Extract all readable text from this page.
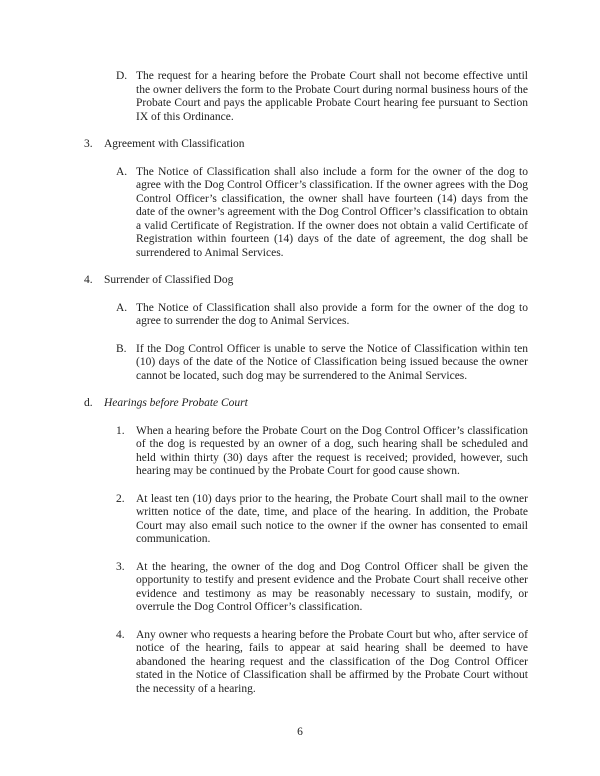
D. The request for a hearing before the Probate Court shall not become effective until the owner delivers the form to the Probate Court during normal business hours of the Probate Court and pays the applicable Probate Court hearing fee pursuant to Section IX of this Ordinance.
3. Agreement with Classification
A. The Notice of Classification shall also include a form for the owner of the dog to agree with the Dog Control Officer’s classification. If the owner agrees with the Dog Control Officer’s classification, the owner shall have fourteen (14) days from the date of the owner’s agreement with the Dog Control Officer’s classification to obtain a valid Certificate of Registration. If the owner does not obtain a valid Certificate of Registration within fourteen (14) days of the date of agreement, the dog shall be surrendered to Animal Services.
4. Surrender of Classified Dog
A. The Notice of Classification shall also provide a form for the owner of the dog to agree to surrender the dog to Animal Services.
B. If the Dog Control Officer is unable to serve the Notice of Classification within ten (10) days of the date of the Notice of Classification being issued because the owner cannot be located, such dog may be surrendered to the Animal Services.
d. Hearings before Probate Court
1. When a hearing before the Probate Court on the Dog Control Officer’s classification of the dog is requested by an owner of a dog, such hearing shall be scheduled and held within thirty (30) days after the request is received; provided, however, such hearing may be continued by the Probate Court for good cause shown.
2. At least ten (10) days prior to the hearing, the Probate Court shall mail to the owner written notice of the date, time, and place of the hearing. In addition, the Probate Court may also email such notice to the owner if the owner has consented to email communication.
3. At the hearing, the owner of the dog and Dog Control Officer shall be given the opportunity to testify and present evidence and the Probate Court shall receive other evidence and testimony as may be reasonably necessary to sustain, modify, or overrule the Dog Control Officer’s classification.
4. Any owner who requests a hearing before the Probate Court but who, after service of notice of the hearing, fails to appear at said hearing shall be deemed to have abandoned the hearing request and the classification of the Dog Control Officer stated in the Notice of Classification shall be affirmed by the Probate Court without the necessity of a hearing.
6
